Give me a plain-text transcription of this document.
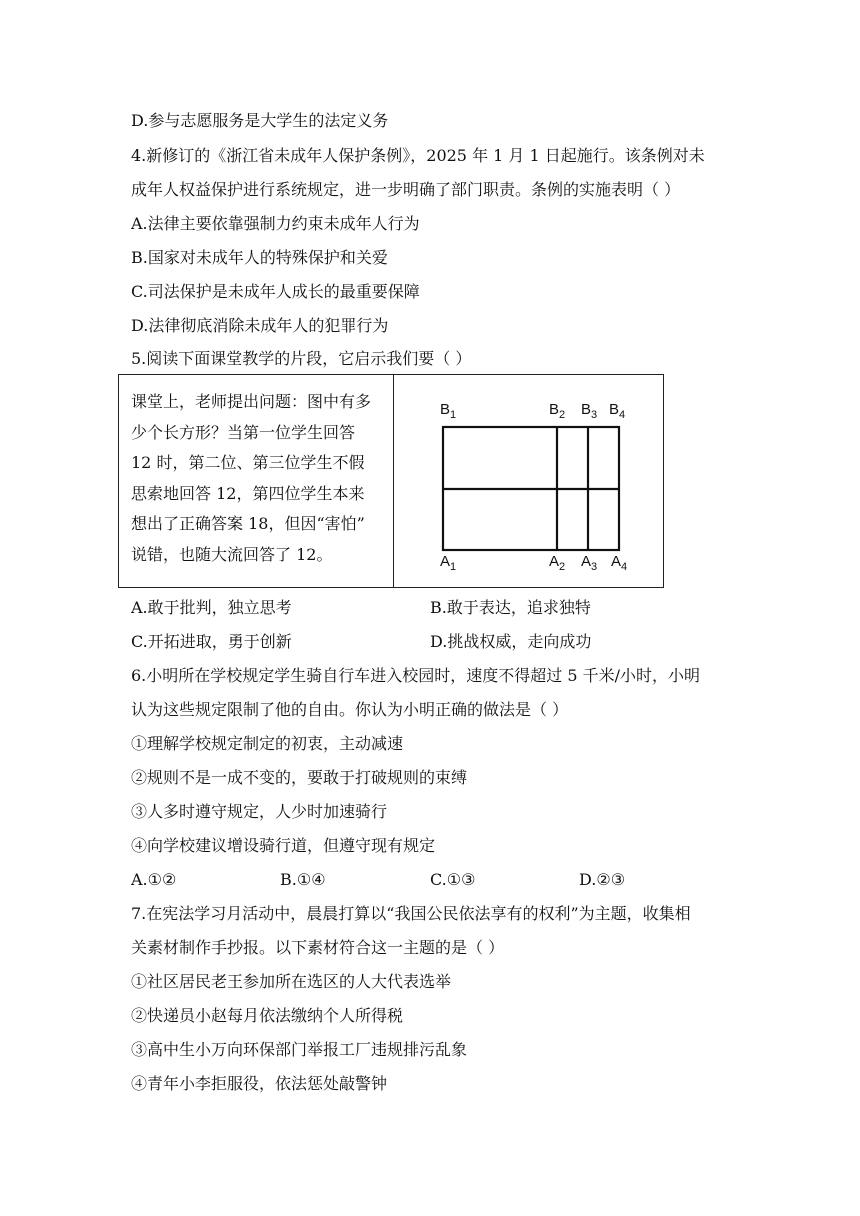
D.参与志愿服务是大学生的法定义务
4.新修订的《浙江省未成年人保护条例》，2025 年 1 月 1 日起施行。该条例对未
成年人权益保护进行系统规定，进一步明确了部门职责。条例的实施表明（ ）
A.法律主要依靠强制力约束未成年人行为
B.国家对未成年人的特殊保护和关爱
C.司法保护是未成年人成长的最重要保障
D.法律彻底消除未成年人的犯罪行为
5.阅读下面课堂教学的片段，它启示我们要（ ）
课堂上，老师提出问题：图中有多
少个长方形？当第一位学生回答
12 时，第二位、第三位学生不假
思索地回答 12，第四位学生本来
想出了正确答案 18，但因“害怕”
说错，也随大流回答了 12。
$B_1$	$B_2$ $B_3$ $B_4$
$A_1$	$A_2$ $A_3$ $A_4$
A.敢于批判，独立思考	B.敢于表达，追求独特
C.开拓进取，勇于创新	D.挑战权威，走向成功
6.小明所在学校规定学生骑自行车进入校园时，速度不得超过 5 千米/小时，小明
认为这些规定限制了他的自由。你认为小明正确的做法是（ ）
①理解学校规定制定的初衷，主动减速
②规则不是一成不变的，要敢于打破规则的束缚
③人多时遵守规定，人少时加速骑行
④向学校建议增设骑行道，但遵守现有规定
A.①②	B.①④	C.①③	D.②③
7.在宪法学习月活动中，晨晨打算以“我国公民依法享有的权利”为主题，收集相
关素材制作手抄报。以下素材符合这一主题的是（ ）
①社区居民老王参加所在选区的人大代表选举
②快递员小赵每月依法缴纳个人所得税
③高中生小万向环保部门举报工厂违规排污乱象
④青年小李拒服役，依法惩处敲警钟
